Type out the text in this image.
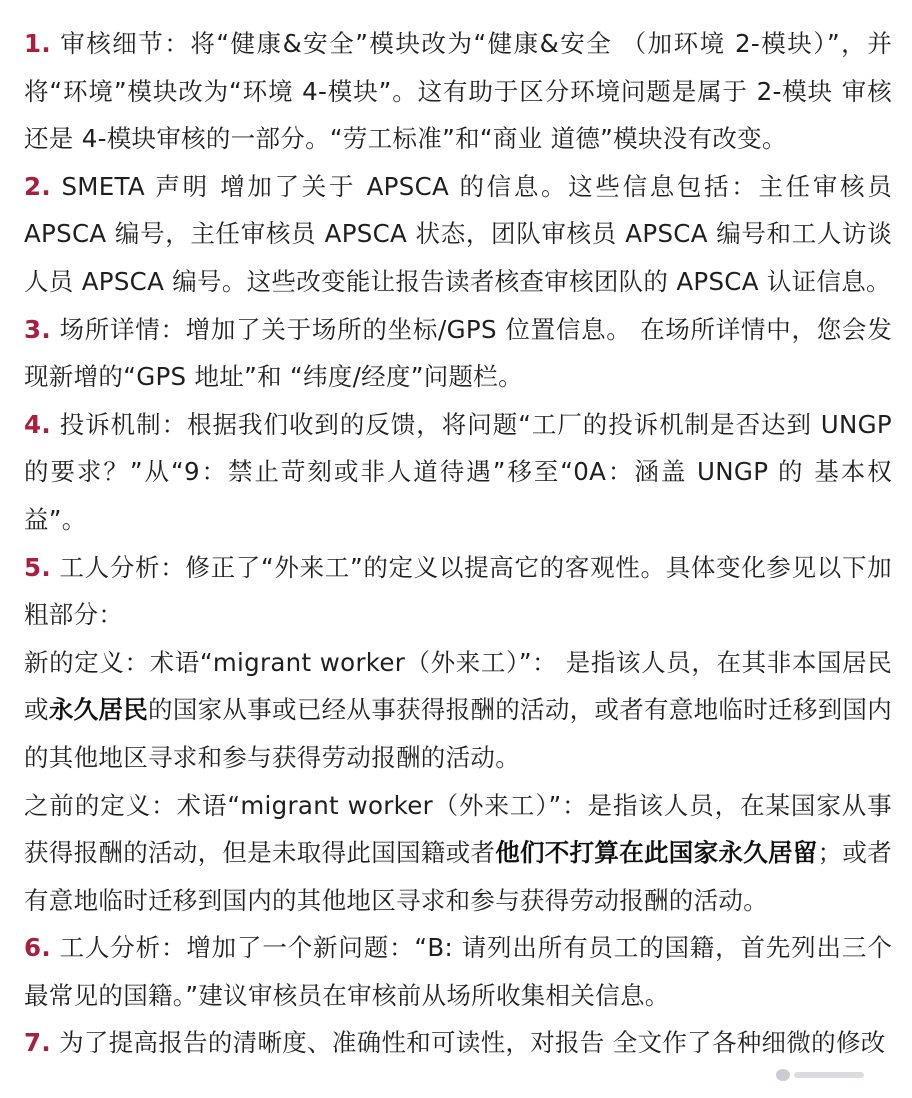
1. 审核细节：将“健康&安全”模块改为“健康&安全 （加环境 2-模块）”，并将“环境”模块改为“环境 4-模块”。这有助于区分环境问题是属于 2-模块 审核还是 4-模块审核的一部分。“劳工标准”和“商业 道德”模块没有改变。

2. SMETA 声明 增加了关于 APSCA 的信息。这些信息包括：主任审核员 APSCA 编号，主任审核员 APSCA 状态，团队审核员 APSCA 编号和工人访谈人员 APSCA 编号。这些改变能让报告读者核查审核团队的 APSCA 认证信息。

3. 场所详情：增加了关于场所的坐标/GPS 位置信息。 在场所详情中，您会发现新增的“GPS 地址”和 “纬度/经度”问题栏。

4. 投诉机制：根据我们收到的反馈，将问题“工厂的投诉机制是否达到 UNGP 的要求？”从“9：禁止苛刻或非人道待遇”移至“0A：涵盖 UNGP 的 基本权益”。

5. 工人分析：修正了“外来工”的定义以提高它的客观性。具体变化参见以下加粗部分：

新的定义：术语“migrant worker（外来工）”： 是指该人员，在其非本国居民或永久居民的国家从事或已经从事获得报酬的活动，或者有意地临时迁移到国内的其他地区寻求和参与获得劳动报酬的活动。

之前的定义：术语“migrant worker（外来工）”：是指该人员，在某国家从事获得报酬的活动，但是未取得此国国籍或者他们不打算在此国家永久居留；或者有意地临时迁移到国内的其他地区寻求和参与获得劳动报酬的活动。

6. 工人分析：增加了一个新问题：“B: 请列出所有员工的国籍，首先列出三个最常见的国籍。”建议审核员在审核前从场所收集相关信息。

7. 为了提高报告的清晰度、准确性和可读性，对报告 全文作了各种细微的修改
